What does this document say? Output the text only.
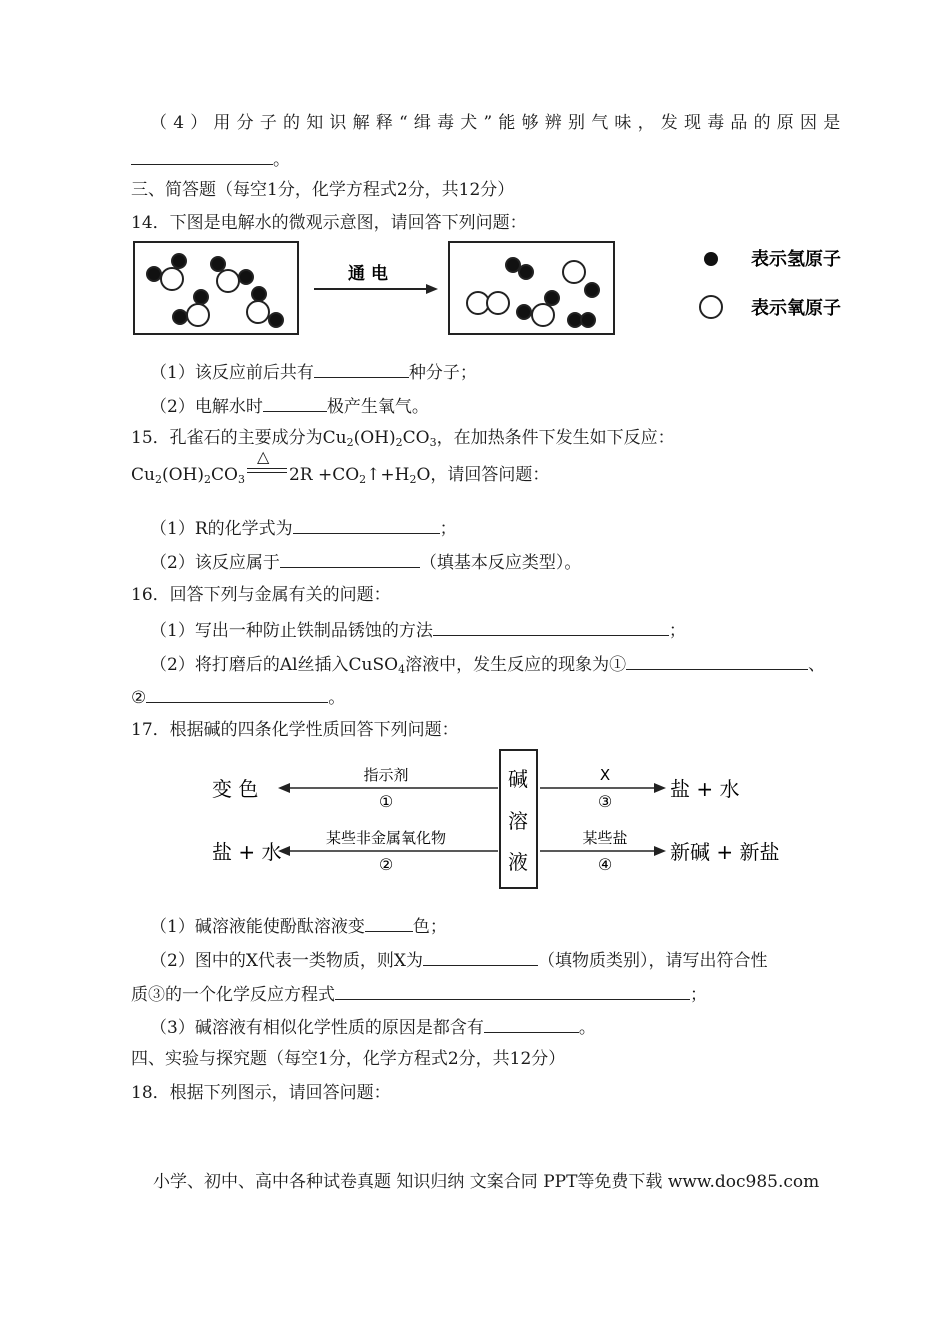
（4）用分子的知识解释“缉毒犬”能够辨别气味，发现毒品的原因是
。
三、简答题（每空1分，化学方程式2分，共12分）
14．下图是电解水的微观示意图，请回答下列问题：
通 电
表示氢原子
表示氧原子
（1）该反应前后共有	种分子；
（2）电解水时	极产生氧气。
15．孔雀石的主要成分为$Cu_2(OH)_2CO_3$，在加热条件下发生如下反应：
$Cu_2(OH)_2CO_3$
△
$2R +CO_2↑+H_2O$，请回答问题：
（1）R的化学式为	；
（2）该反应属于	（填基本反应类型）。
16．回答下列与金属有关的问题：
（1）写出一种防止铁制品锈蚀的方法	；
（2）将打磨后的Al丝插入CuSO$_4$溶液中，发生反应的现象为①	、
②	。
17．根据碱的四条化学性质回答下列问题：
碱
溶
液
变 色
指示剂
①
盐 + 水
某些非金属氧化物
②
X
③
盐 + 水
某些盐
④
新碱 + 新盐
（1）碱溶液能使酚酞溶液变	色；
（2）图中的X代表一类物质，则X为	（填物质类别），请写出符合性
质③的一个化学反应方程式	；
（3）碱溶液有相似化学性质的原因是都含有	。
四、实验与探究题（每空1分，化学方程式2分，共12分）
18．根据下列图示，请回答问题：
小学、初中、高中各种试卷真题 知识归纳 文案合同 PPT等免费下载 www.doc985.com
